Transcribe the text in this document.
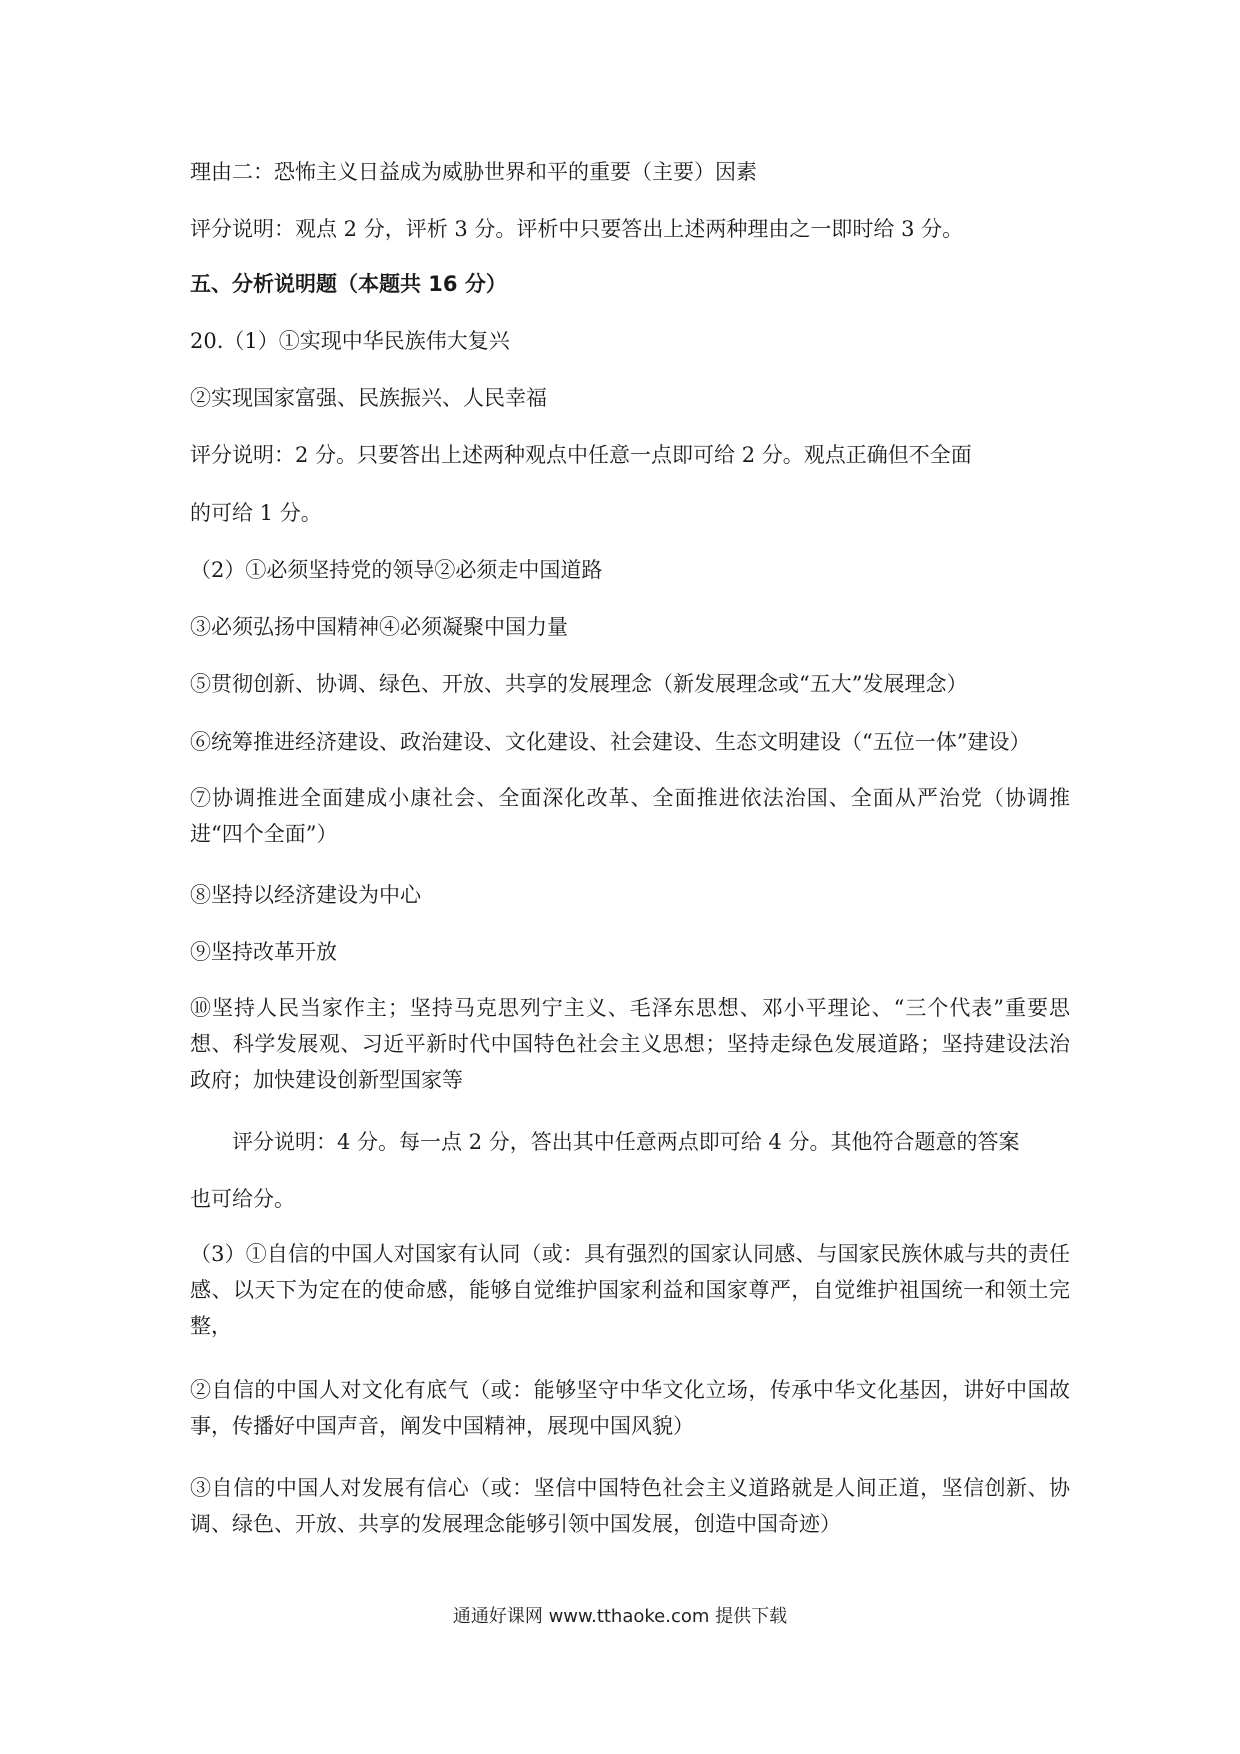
理由二：恐怖主义日益成为威胁世界和平的重要（主要）因素
评分说明：观点 2 分，评析 3 分。评析中只要答出上述两种理由之一即时给 3 分。
五、分析说明题（本题共 16 分）
20.（1）①实现中华民族伟大复兴
②实现国家富强、民族振兴、人民幸福
评分说明：2 分。只要答出上述两种观点中任意一点即可给 2 分。观点正确但不全面
的可给 1 分。
（2）①必须坚持党的领导②必须走中国道路
③必须弘扬中国精神④必须凝聚中国力量
⑤贯彻创新、协调、绿色、开放、共享的发展理念（新发展理念或“五大”发展理念）
⑥统筹推进经济建设、政治建设、文化建设、社会建设、生态文明建设（“五位一体”建设）
⑦协调推进全面建成小康社会、全面深化改革、全面推进依法治国、全面从严治党（协调推进“四个全面”）
⑧坚持以经济建设为中心
⑨坚持改革开放
⑩坚持人民当家作主；坚持马克思列宁主义、毛泽东思想、邓小平理论、“三个代表”重要思想、科学发展观、习近平新时代中国特色社会主义思想；坚持走绿色发展道路；坚持建设法治政府；加快建设创新型国家等
评分说明：4 分。每一点 2 分，答出其中任意两点即可给 4 分。其他符合题意的答案
也可给分。
（3）①自信的中国人对国家有认同（或：具有强烈的国家认同感、与国家民族休戚与共的责任感、以天下为定在的使命感，能够自觉维护国家利益和国家尊严，自觉维护祖国统一和领土完整，
②自信的中国人对文化有底气（或：能够坚守中华文化立场，传承中华文化基因，讲好中国故事，传播好中国声音，阐发中国精神，展现中国风貌）
③自信的中国人对发展有信心（或：坚信中国特色社会主义道路就是人间正道，坚信创新、协调、绿色、开放、共享的发展理念能够引领中国发展，创造中国奇迹）
通通好课网 www.tthaoke.com 提供下载
